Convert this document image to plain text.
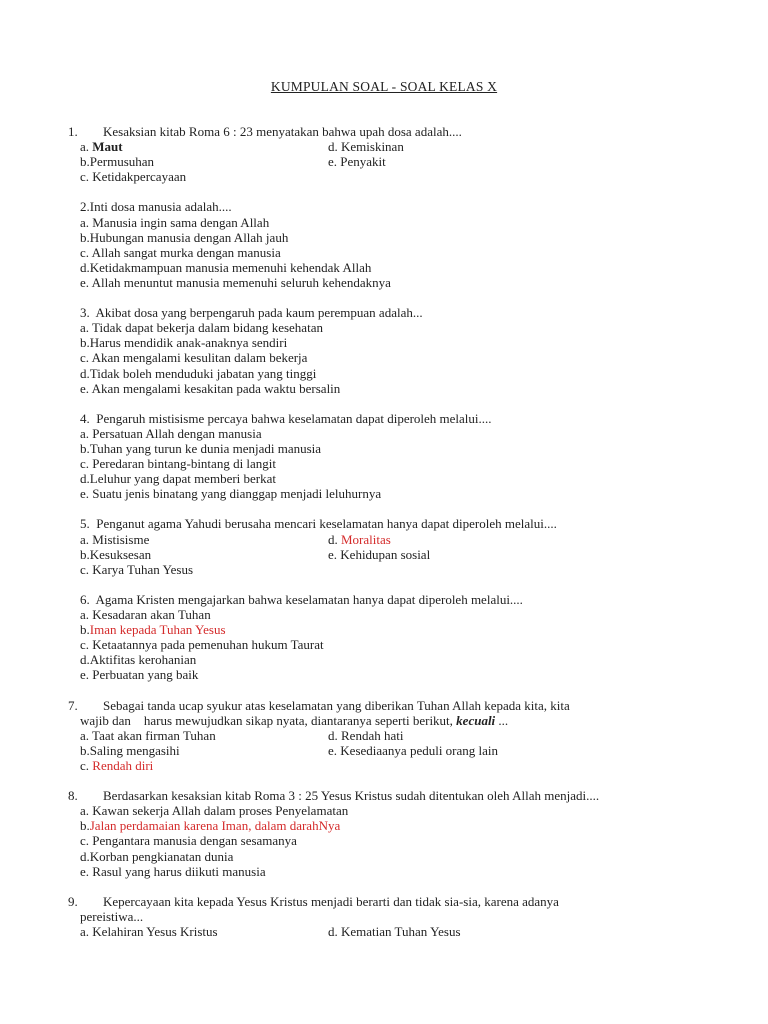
KUMPULAN SOAL - SOAL KELAS X
1. Kesaksian kitab Roma 6 : 23 menyatakan bahwa upah dosa adalah....
a. Maut	d. Kemiskinan
b.Permusuhan	e. Penyakit
c. Ketidakpercayaan
2.Inti dosa manusia adalah....
a. Manusia ingin sama dengan Allah
b.Hubungan manusia dengan Allah jauh
c. Allah sangat murka dengan manusia
d.Ketidakmampuan manusia memenuhi kehendak Allah
e. Allah menuntut manusia memenuhi seluruh kehendaknya
3. Akibat dosa yang berpengaruh pada kaum perempuan adalah...
a. Tidak dapat bekerja dalam bidang kesehatan
b.Harus mendidik anak-anaknya sendiri
c. Akan mengalami kesulitan dalam bekerja
d.Tidak boleh menduduki jabatan yang tinggi
e. Akan mengalami kesakitan pada waktu bersalin
4. Pengaruh mistisisme percaya bahwa keselamatan dapat diperoleh melalui....
a. Persatuan Allah dengan manusia
b.Tuhan yang turun ke dunia menjadi manusia
c. Peredaran bintang-bintang di langit
d.Leluhur yang dapat memberi berkat
e. Suatu jenis binatang yang dianggap menjadi leluhurnya
5. Penganut agama Yahudi berusaha mencari keselamatan hanya dapat diperoleh melalui....
a. Mistisisme	d. Moralitas
b.Kesuksesan	e. Kehidupan sosial
c. Karya Tuhan Yesus
6. Agama Kristen mengajarkan bahwa keselamatan hanya dapat diperoleh melalui....
a. Kesadaran akan Tuhan
b.Iman kepada Tuhan Yesus
c. Ketaatannya pada pemenuhan hukum Taurat
d.Aktifitas kerohanian
e. Perbuatan yang baik
7.	Sebagai tanda ucap syukur atas keselamatan yang diberikan Tuhan Allah kepada kita, kita
wajib dan    harus mewujudkan sikap nyata, diantaranya seperti berikut, kecuali ...
a. Taat akan firman Tuhan	d. Rendah hati
b.Saling mengasihi	e. Kesediaanya peduli orang lain
c. Rendah diri
8. Berdasarkan kesaksian kitab Roma 3 : 25 Yesus Kristus sudah ditentukan oleh Allah menjadi....
a. Kawan sekerja Allah dalam proses Penyelamatan
b.Jalan perdamaian karena Iman, dalam darahNya
c. Pengantara manusia dengan sesamanya
d.Korban pengkianatan dunia
e. Rasul yang harus diikuti manusia
9.	Kepercayaan kita kepada Yesus Kristus menjadi berarti dan tidak sia-sia, karena adanya
pereistiwa...
a. Kelahiran Yesus Kristus	d. Kematian Tuhan Yesus
